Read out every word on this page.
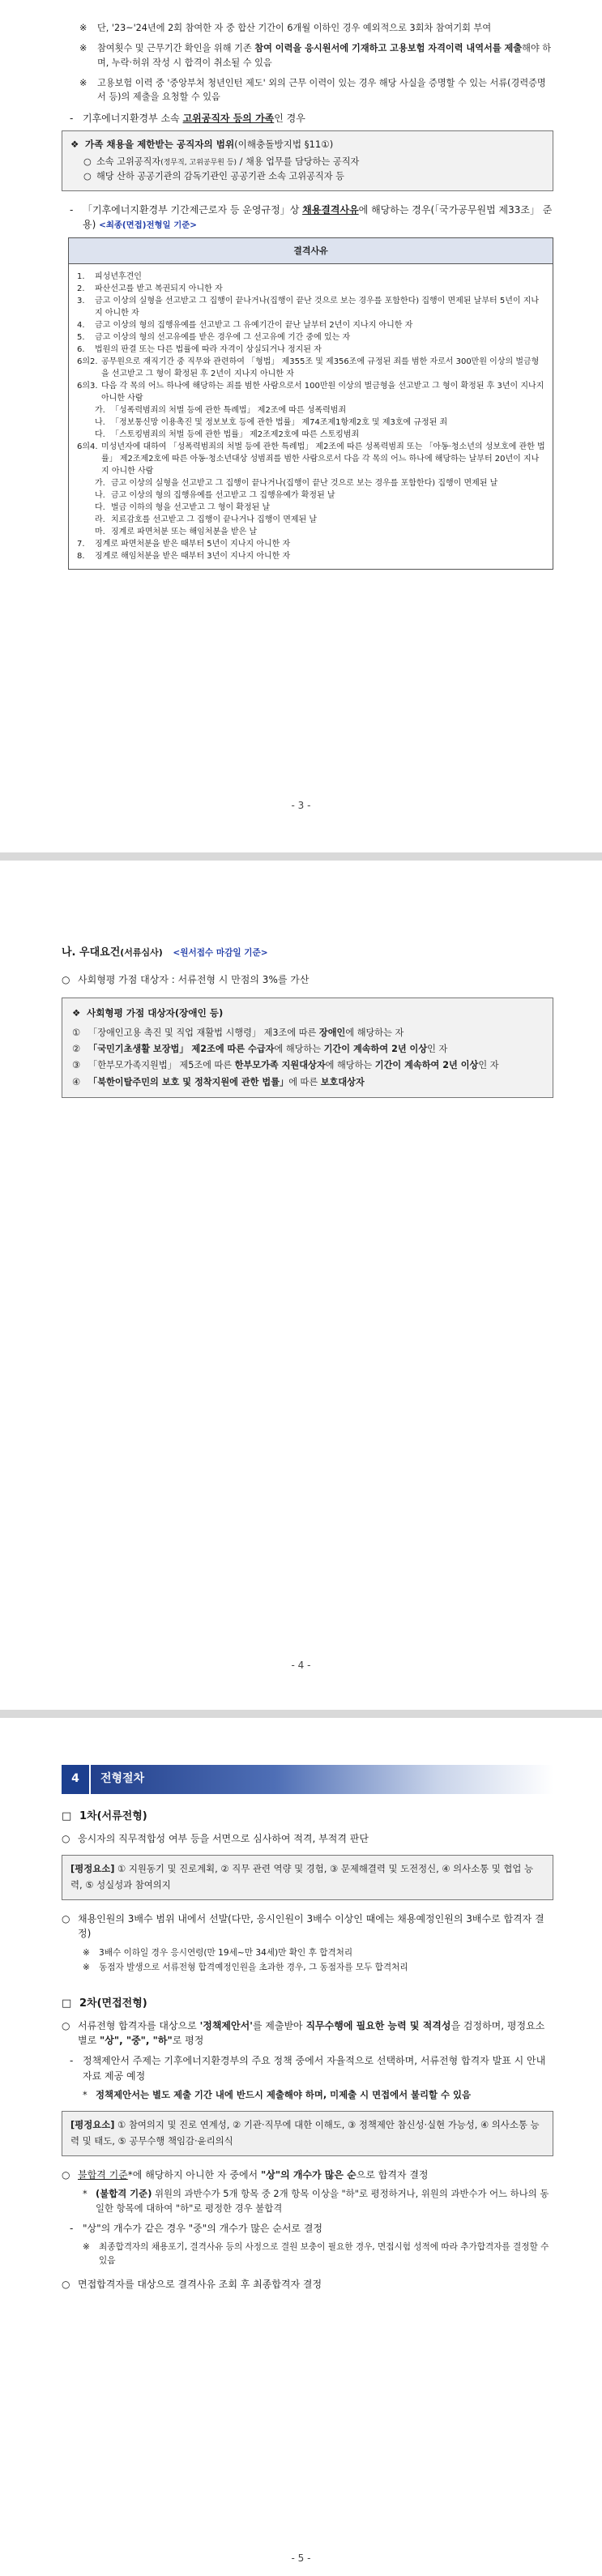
※	단, '23~'24년에 2회 참여한 자 중 합산 기간이 6개월 이하인 경우 예외적으로 3회차 참여기회 부여
※	참여횟수 및 근무기간 확인을 위해 기존 참여 이력을 응시원서에 기재하고 고용보험 자격이력 내역서를 제출해야 하며, 누락·허위 작성 시 합격이 취소될 수 있음
※	고용보험 이력 중 '중앙부처 청년인턴 제도' 외의 근무 이력이 있는 경우 해당 사실을 증명할 수 있는 서류(경력증명서 등)의 제출을 요청할 수 있음
- 기후에너지환경부 소속 고위공직자 등의 가족인 경우
❖ 가족 채용을 제한받는 공직자의 범위(이해충돌방지법 §11①)
○ 소속 고위공직자(정무직, 고위공무원 등) / 채용 업무를 담당하는 공직자
○ 해당 산하 공공기관의 감독기관인 공공기관 소속 고위공직자 등
- 「기후에너지환경부 기간제근로자 등 운영규정」상 채용결격사유에 해당하는 경우(「국가공무원법 제33조」 준용) <최종(면접)전형일 기준>
결격사유
1.	피성년후견인
2.	파산선고를 받고 복권되지 아니한 자
3.	금고 이상의 실형을 선고받고 그 집행이 끝나거나(집행이 끝난 것으로 보는 경우를 포함한다) 집행이 면제된 날부터 5년이 지나지 아니한 자
4.	금고 이상의 형의 집행유예를 선고받고 그 유예기간이 끝난 날부터 2년이 지나지 아니한 자
5.	금고 이상의 형의 선고유예를 받은 경우에 그 선고유예 기간 중에 있는 자
6.	법원의 판결 또는 다른 법률에 따라 자격이 상실되거나 정지된 자
6의2. 공무원으로 재직기간 중 직무와 관련하여 「형법」 제355조 및 제356조에 규정된 죄를 범한 자로서 300만원 이상의 벌금형을 선고받고 그 형이 확정된 후 2년이 지나지 아니한 자
6의3. 다음 각 목의 어느 하나에 해당하는 죄를 범한 사람으로서 100만원 이상의 벌금형을 선고받고 그 형이 확정된 후 3년이 지나지 아니한 사람
가. 「성폭력범죄의 처벌 등에 관한 특례법」 제2조에 따른 성폭력범죄
나. 「정보통신망 이용촉진 및 정보보호 등에 관한 법률」 제74조제1항제2호 및 제3호에 규정된 죄
다. 「스토킹범죄의 처벌 등에 관한 법률」 제2조제2호에 따른 스토킹범죄
6의4. 미성년자에 대하여 「성폭력범죄의 처벌 등에 관한 특례법」 제2조에 따른 성폭력범죄 또는 「아동·청소년의 성보호에 관한 법률」 제2조제2호에 따른 아동·청소년대상 성범죄를 범한 사람으로서 다음 각 목의 어느 하나에 해당하는 날부터 20년이 지나지 아니한 사람
가. 금고 이상의 실형을 선고받고 그 집행이 끝나거나(집행이 끝난 것으로 보는 경우를 포함한다) 집행이 면제된 날
나. 금고 이상의 형의 집행유예를 선고받고 그 집행유예가 확정된 날
다. 벌금 이하의 형을 선고받고 그 형이 확정된 날
라. 치료감호를 선고받고 그 집행이 끝나거나 집행이 면제된 날
마. 징계로 파면처분 또는 해임처분을 받은 날
7.	징계로 파면처분을 받은 때부터 5년이 지나지 아니한 자
8.	징계로 해임처분을 받은 때부터 3년이 지나지 아니한 자
- 3 -
나. 우대요건(서류심사) <원서접수 마감일 기준>
○ 사회형평 가점 대상자 : 서류전형 시 만점의 3%를 가산
❖ 사회형평 가점 대상자(장애인 등)
① 「장애인고용 촉진 및 직업 재활법 시행령」 제3조에 따른 장애인에 해당하는 자
② 「국민기초생활 보장법」 제2조에 따른 수급자에 해당하는 기간이 계속하여 2년 이상인 자
③ 「한부모가족지원법」 제5조에 따른 한부모가족 지원대상자에 해당하는 기간이 계속하여 2년 이상인 자
④ 「북한이탈주민의 보호 및 정착지원에 관한 법률」에 따른 보호대상자
- 4 -
4	전형절차
□ 1차(서류전형)
○ 응시자의 직무적합성 여부 등을 서면으로 심사하여 적격, 부적격 판단
[평정요소] ① 지원동기 및 진로계획, ② 직무 관련 역량 및 경험, ③ 문제해결력 및 도전정신, ④ 의사소통 및 협업 능력, ⑤ 성실성과 참여의지
○ 채용인원의 3배수 범위 내에서 선발(다만, 응시인원이 3배수 이상인 때에는 채용예정인원의 3배수로 합격자 결정)
※	3배수 이하일 경우 응시연령(만 19세~만 34세)만 확인 후 합격처리
※	동점자 발생으로 서류전형 합격예정인원을 초과한 경우, 그 동점자를 모두 합격처리
□ 2차(면접전형)
○ 서류전형 합격자를 대상으로 '정책제안서'를 제출받아 직무수행에 필요한 능력 및 적격성을 검정하며, 평정요소별로 "상", "중", "하"로 평정
- 정책제안서 주제는 기후에너지환경부의 주요 정책 중에서 자율적으로 선택하며, 서류전형 합격자 발표 시 안내자료 제공 예정
* 정책제안서는 별도 제출 기간 내에 반드시 제출해야 하며, 미제출 시 면접에서 불리할 수 있음
[평정요소] ① 참여의지 및 진로 연계성, ② 기관·직무에 대한 이해도, ③ 정책제안 참신성·실현 가능성, ④ 의사소통 능력 및 태도, ⑤ 공무수행 책임감·윤리의식
○ 불합격 기준*에 해당하지 아니한 자 중에서 "상"의 개수가 많은 순으로 합격자 결정
* (불합격 기준) 위원의 과반수가 5개 항목 중 2개 항목 이상을 "하"로 평정하거나, 위원의 과반수가 어느 하나의 동일한 항목에 대하여 "하"로 평정한 경우 불합격
- "상"의 개수가 같은 경우 "중"의 개수가 많은 순서로 결정
※	최종합격자의 채용포기, 결격사유 등의 사정으로 결원 보충이 필요한 경우, 면접시험 성적에 따라 추가합격자를 결정할 수 있음
○ 면접합격자를 대상으로 결격사유 조회 후 최종합격자 결정
- 5 -
